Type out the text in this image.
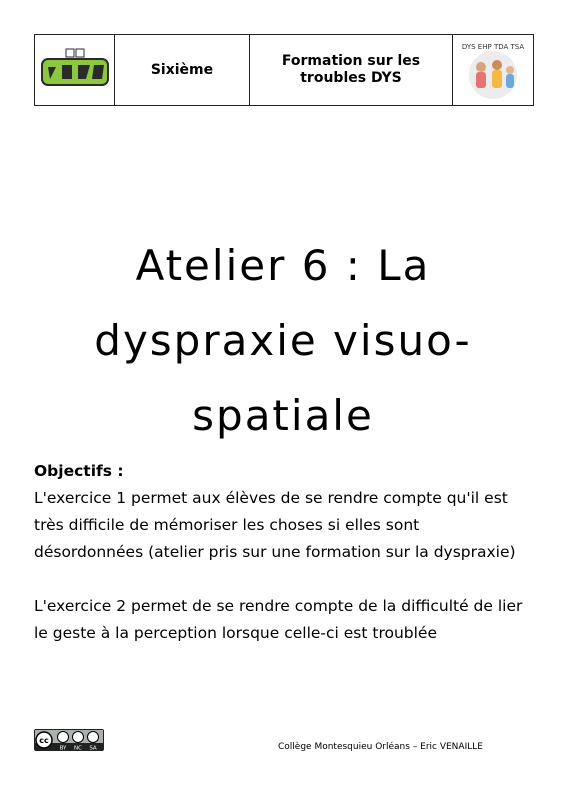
Sixième
Formation sur les troubles DYS
DYS EHP TDA TSA
Atelier 6 : La
dyspraxie visuo-
spatiale
Objectifs :
L'exercice 1 permet aux élèves de se rendre compte qu'il est
très difficile de mémoriser les choses si elles sont
désordonnées (atelier pris sur une formation sur la dyspraxie)
L'exercice 2 permet de se rendre compte de la difficulté de lier
le geste à la perception lorsque celle-ci est troublée
cc
BY NC SA	Collège Montesquieu Orléans – Eric VENAILLE
